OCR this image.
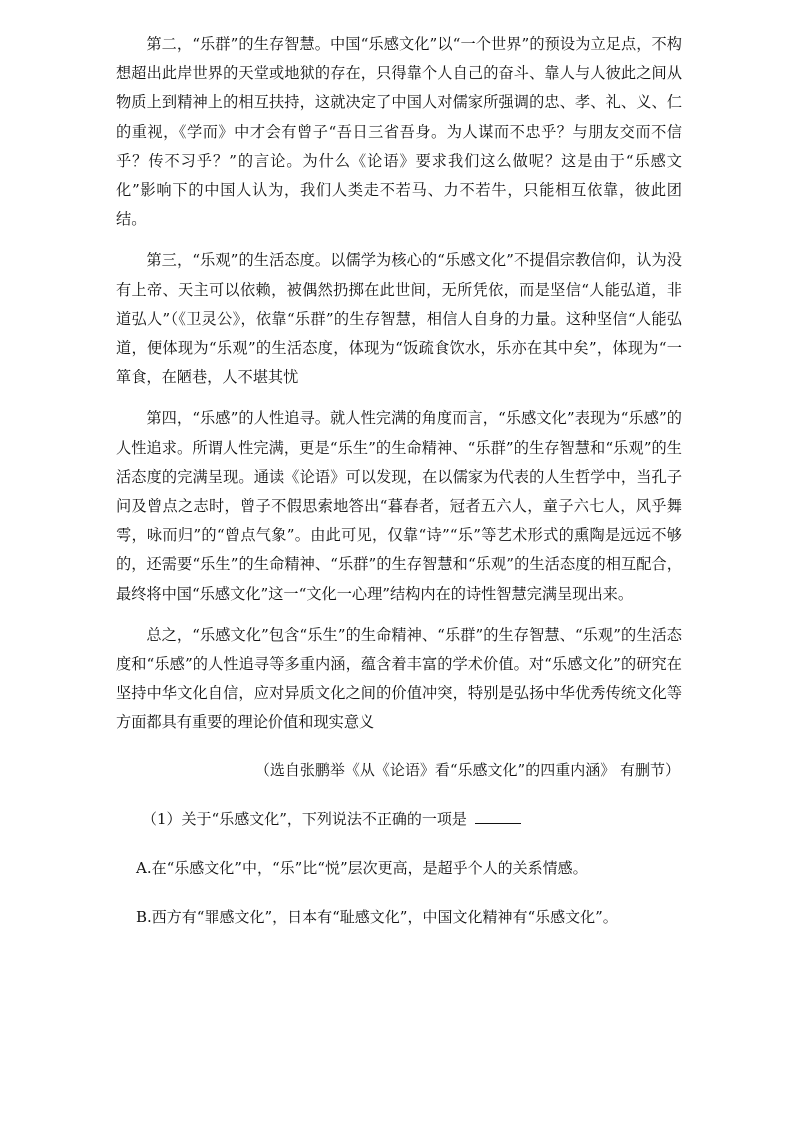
第二，“乐群”的生存智慧。中国“乐感文化”以“一个世界”的预设为立足点，不构想超出此岸世界的天堂或地狱的存在，只得靠个人自己的奋斗、靠人与人彼此之间从物质上到精神上的相互扶持，这就决定了中国人对儒家所强调的忠、孝、礼、义、仁的重视，《学而》中才会有曾子“吾日三省吾身。为人谋而不忠乎？与朋友交而不信乎？传不习乎？”的言论。为什么《论语》要求我们这么做呢？这是由于“乐感文化”影响下的中国人认为，我们人类走不若马、力不若牛，只能相互依靠，彼此团结。

第三，“乐观”的生活态度。以儒学为核心的“乐感文化”不提倡宗教信仰，认为没有上帝、天主可以依赖，被偶然扔掷在此世间，无所凭依，而是坚信“人能弘道，非道弘人”（《卫灵公》，依靠“乐群”的生存智慧，相信人自身的力量。这种坚信“人能弘道，便体现为“乐观”的生活态度，体现为“饭疏食饮水，乐亦在其中矣”，体现为“一箪食，在陋巷，人不堪其忧

第四，“乐感”的人性追寻。就人性完满的角度而言，“乐感文化”表现为“乐感”的人性追求。所谓人性完满，更是“乐生”的生命精神、“乐群”的生存智慧和“乐观”的生活态度的完满呈现。通读《论语》可以发现，在以儒家为代表的人生哲学中，当孔子问及曾点之志时，曾子不假思索地答出“暮春者，冠者五六人，童子六七人，风乎舞雩，咏而归”的“曾点气象”。由此可见，仅靠“诗”“乐”等艺术形式的熏陶是远远不够的，还需要“乐生”的生命精神、“乐群”的生存智慧和“乐观”的生活态度的相互配合，最终将中国“乐感文化”这一“文化一心理”结构内在的诗性智慧完满呈现出来。

总之，“乐感文化”包含“乐生”的生命精神、“乐群”的生存智慧、“乐观”的生活态度和“乐感”的人性追寻等多重内涵，蕴含着丰富的学术价值。对“乐感文化”的研究在坚持中华文化自信，应对异质文化之间的价值冲突，特别是弘扬中华优秀传统文化等方面都具有重要的理论价值和现实意义

（选自张鹏举《从《论语》看“乐感文化”的四重内涵》 有删节）

（1）关于“乐感文化”，下列说法不正确的一项是

A.在“乐感文化”中，“乐”比“悦”层次更高，是超乎个人的关系情感。

B.西方有“罪感文化”，日本有“耻感文化”，中国文化精神有“乐感文化”。
